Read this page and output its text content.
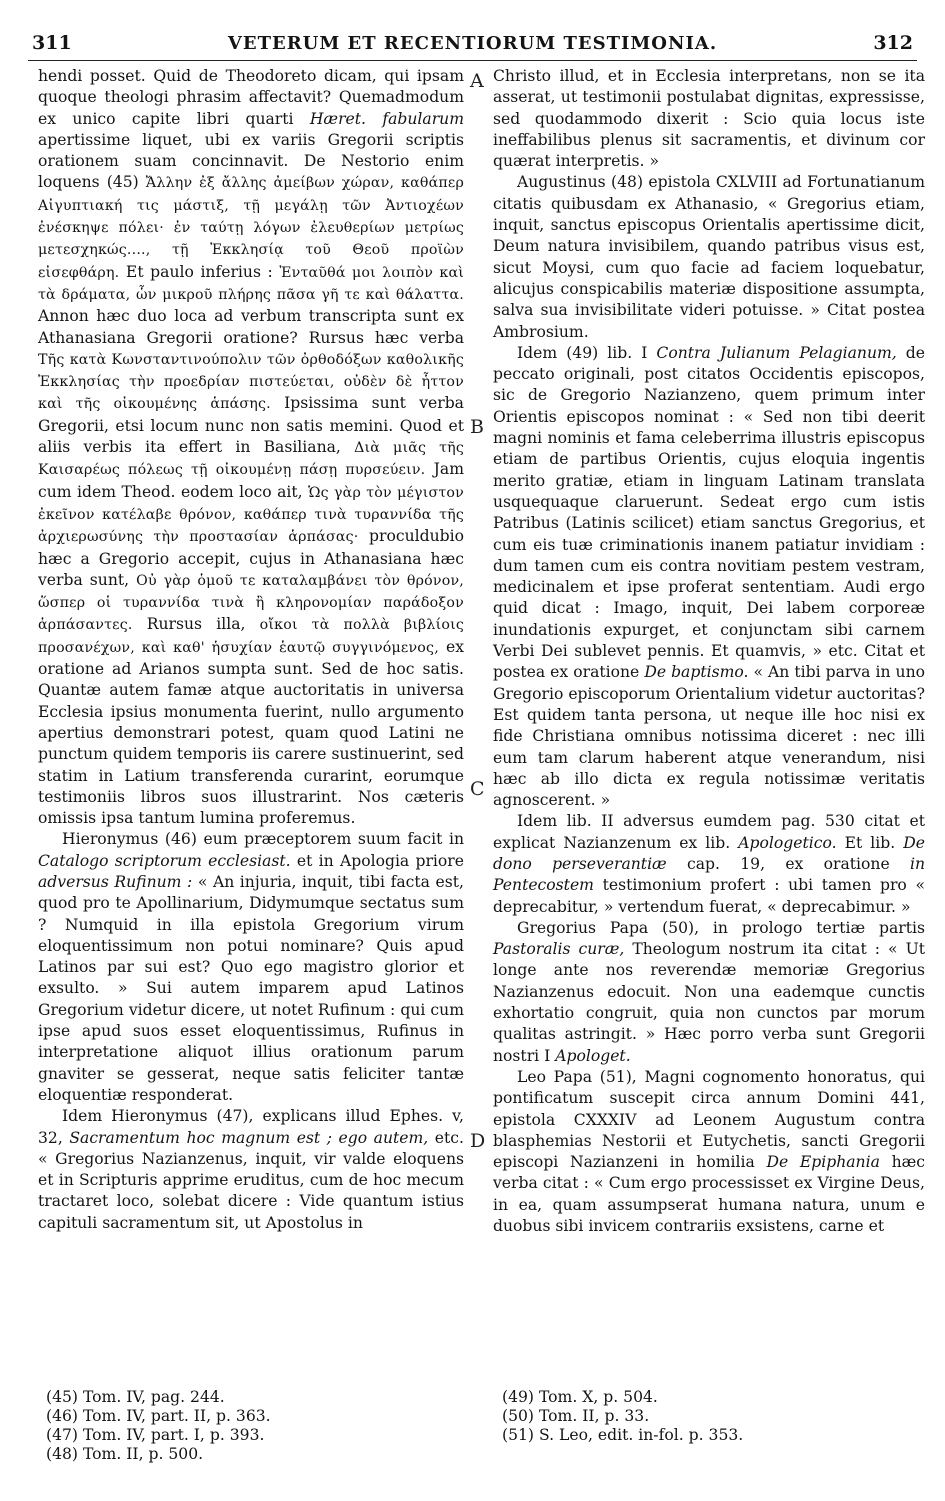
311	VETERUM ET RECENTIORUM TESTIMONIA.	312
A
B
C
D

hendi posset. Quid de Theodoreto dicam, qui ipsam quoque theologi phrasim affectavit? Quemadmodum ex unico capite libri quarti Hæret. fabularum apertissime liquet, ubi ex variis Gregorii scriptis orationem suam concinnavit. De Nestorio enim loquens (45) Ἄλλην ἐξ ἄλλης ἀμείβων χώραν, καθάπερ Αἰγυπτιακή τις μάστιξ, τῇ μεγάλῃ τῶν Ἀντιοχέων ἐνέσκηψε πόλει· ἐν ταύτῃ λόγων ἐλευθερίων μετρίως μετεσχηκώς...., τῇ Ἐκκλησίᾳ τοῦ Θεοῦ προϊὼν εἰσεφθάρη. Et paulo inferius : Ἐνταῦθά μοι λοιπὸν καὶ τὰ δράματα, ὧν μικροῦ πλήρης πᾶσα γῆ τε καὶ θάλαττα. Annon hæc duo loca ad verbum transcripta sunt ex Athanasiana Gregorii oratione? Rursus hæc verba Τῆς κατὰ Κωνσταντινούπολιν τῶν ὀρθοδόξων καθολικῆς Ἐκκλησίας τὴν προεδρίαν πιστεύεται, οὐδὲν δὲ ἧττον καὶ τῆς οἰκουμένης ἁπάσης. Ipsissima sunt verba Gregorii, etsi locum nunc non satis memini. Quod et aliis verbis ita effert in Basiliana, Διὰ μιᾶς τῆς Καισαρέως πόλεως τῇ οἰκουμένῃ πάσῃ πυρσεύειν. Jam cum idem Theod. eodem loco ait, Ὡς γὰρ τὸν μέγιστον ἐκεῖνον κατέλαβε θρόνον, καθάπερ τινὰ τυραννίδα τῆς ἀρχιερωσύνης τὴν προστασίαν ἁρπάσας· proculdubio hæc a Gregorio accepit, cujus in Athanasiana hæc verba sunt, Οὐ γὰρ ὁμοῦ τε καταλαμβάνει τὸν θρόνον, ὥσπερ οἱ τυραννίδα τινὰ ἢ κληρονομίαν παράδοξον ἁρπάσαντες. Rursus illa, οἴκοι τὰ πολλὰ βιβλίοις προσανέχων, καὶ καθ' ἡσυχίαν ἑαυτῷ συγγινόμενος, ex oratione ad Arianos sumpta sunt. Sed de hoc satis. Quantæ autem famæ atque auctoritatis in universa Ecclesia ipsius monumenta fuerint, nullo argumento apertius demonstrari potest, quam quod Latini ne punctum quidem temporis iis carere sustinuerint, sed statim in Latium transferenda curarint, eorumque testimoniis libros suos illustrarint. Nos cæteris omissis ipsa tantum lumina proferemus.

Hieronymus (46) eum præceptorem suum facit in Catalogo scriptorum ecclesiast. et in Apologia priore adversus Rufinum : « An injuria, inquit, tibi facta est, quod pro te Apollinarium, Didymumque sectatus sum ? Numquid in illa epistola Gregorium virum eloquentissimum non potui nominare? Quis apud Latinos par sui est? Quo ego magistro glorior et exsulto. » Sui autem imparem apud Latinos Gregorium videtur dicere, ut notet Rufinum : qui cum ipse apud suos esset eloquentissimus, Rufinus in interpretatione aliquot illius orationum parum gnaviter se gesserat, neque satis feliciter tantæ eloquentiæ responderat.

Idem Hieronymus (47), explicans illud Ephes. v, 32, Sacramentum hoc magnum est ; ego autem, etc. « Gregorius Nazianzenus, inquit, vir valde eloquens et in Scripturis apprime eruditus, cum de hoc mecum tractaret loco, solebat dicere : Vide quantum istius capituli sacramentum sit, ut Apostolus in

Christo illud, et in Ecclesia interpretans, non se ita asserat, ut testimonii postulabat dignitas, expressisse, sed quodammodo dixerit : Scio quia locus iste ineffabilibus plenus sit sacramentis, et divinum cor quærat interpretis. »

Augustinus (48) epistola CXLVIII ad Fortunatianum citatis quibusdam ex Athanasio, « Gregorius etiam, inquit, sanctus episcopus Orientalis apertissime dicit, Deum natura invisibilem, quando patribus visus est, sicut Moysi, cum quo facie ad faciem loquebatur, alicujus conspicabilis materiæ dispositione assumpta, salva sua invisibilitate videri potuisse. » Citat postea Ambrosium.

Idem (49) lib. I Contra Julianum Pelagianum, de peccato originali, post citatos Occidentis episcopos, sic de Gregorio Nazianzeno, quem primum inter Orientis episcopos nominat : « Sed non tibi deerit magni nominis et fama celeberrima illustris episcopus etiam de partibus Orientis, cujus eloquia ingentis merito gratiæ, etiam in linguam Latinam translata usquequaque claruerunt. Sedeat ergo cum istis Patribus (Latinis scilicet) etiam sanctus Gregorius, et cum eis tuæ criminationis inanem patiatur invidiam : dum tamen cum eis contra novitiam pestem vestram, medicinalem et ipse proferat sententiam. Audi ergo quid dicat : Imago, inquit, Dei labem corporeæ inundationis expurget, et conjunctam sibi carnem Verbi Dei sublevet pennis. Et quamvis, » etc. Citat et postea ex oratione De baptismo. « An tibi parva in uno Gregorio episcoporum Orientalium videtur auctoritas? Est quidem tanta persona, ut neque ille hoc nisi ex fide Christiana omnibus notissima diceret : nec illi eum tam clarum haberent atque venerandum, nisi hæc ab illo dicta ex regula notissimæ veritatis agnoscerent. »

Idem lib. II adversus eumdem pag. 530 citat et explicat Nazianzenum ex lib. Apologetico. Et lib. De dono perseverantiæ cap. 19, ex oratione in Pentecostem testimonium profert : ubi tamen pro « deprecabitur, » vertendum fuerat, « deprecabimur. »

Gregorius Papa (50), in prologo tertiæ partis Pastoralis curæ, Theologum nostrum ita citat : « Ut longe ante nos reverendæ memoriæ Gregorius Nazianzenus edocuit. Non una eademque cunctis exhortatio congruit, quia non cunctos par morum qualitas astringit. » Hæc porro verba sunt Gregorii nostri I Apologet.

Leo Papa (51), Magni cognomento honoratus, qui pontificatum suscepit circa annum Domini 441, epistola CXXXIV ad Leonem Augustum contra blasphemias Nestorii et Eutychetis, sancti Gregorii episcopi Nazianzeni in homilia De Epiphania hæc verba citat : « Cum ergo processisset ex Virgine Deus, in ea, quam assumpserat humana natura, unum e duobus sibi invicem contrariis exsistens, carne et

(45) Tom. IV, pag. 244.
(46) Tom. IV, part. II, p. 363.
(47) Tom. IV, part. I, p. 393.
(48) Tom. II, p. 500.
(49) Tom. X, p. 504.
(50) Tom. II, p. 33.
(51) S. Leo, edit. in-fol. p. 353.
